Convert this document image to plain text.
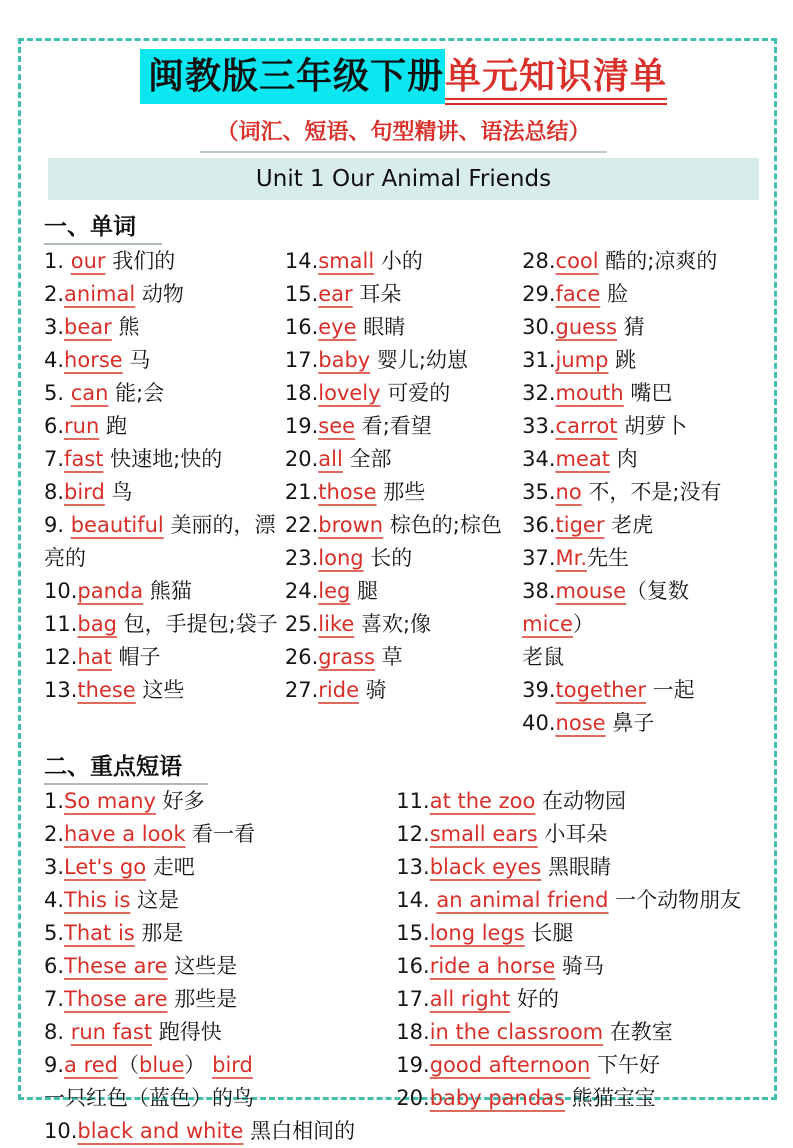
闽教版三年级下册单元知识清单
（词汇、短语、句型精讲、语法总结）
Unit 1 Our Animal Friends
一、单词
1. our 我们的
2.animal 动物
3.bear 熊
4.horse 马
5. can 能;会
6.run 跑
7.fast 快速地;快的
8.bird 鸟
9. beautiful 美丽的，漂亮的
10.panda 熊猫
11.bag 包，手提包;袋子
12.hat 帽子
13.these 这些
14.small 小的
15.ear 耳朵
16.eye 眼睛
17.baby 婴儿;幼崽
18.lovely 可爱的
19.see 看;看望
20.all 全部
21.those 那些
22.brown 棕色的;棕色
23.long 长的
24.leg 腿
25.like 喜欢;像
26.grass 草
27.ride 骑
28.cool 酷的;凉爽的
29.face 脸
30.guess 猜
31.jump 跳
32.mouth 嘴巴
33.carrot 胡萝卜
34.meat 肉
35.no 不，不是;没有
36.tiger 老虎
37.Mr.先生
38.mouse（复数 mice）
老鼠
39.together 一起
40.nose 鼻子
二、重点短语
1.So many 好多
2.have a look 看一看
3.Let's go 走吧
4.This is 这是
5.That is 那是
6.These are 这些是
7.Those are 那些是
8. run fast 跑得快
9.a red（blue） bird
一只红色（蓝色）的鸟
10.black and white 黑白相间的
11.at the zoo 在动物园
12.small ears 小耳朵
13.black eyes 黑眼睛
14. an animal friend 一个动物朋友
15.long legs 长腿
16.ride a horse 骑马
17.all right 好的
18.in the classroom 在教室
19.good afternoon 下午好
20.baby pandas 熊猫宝宝
